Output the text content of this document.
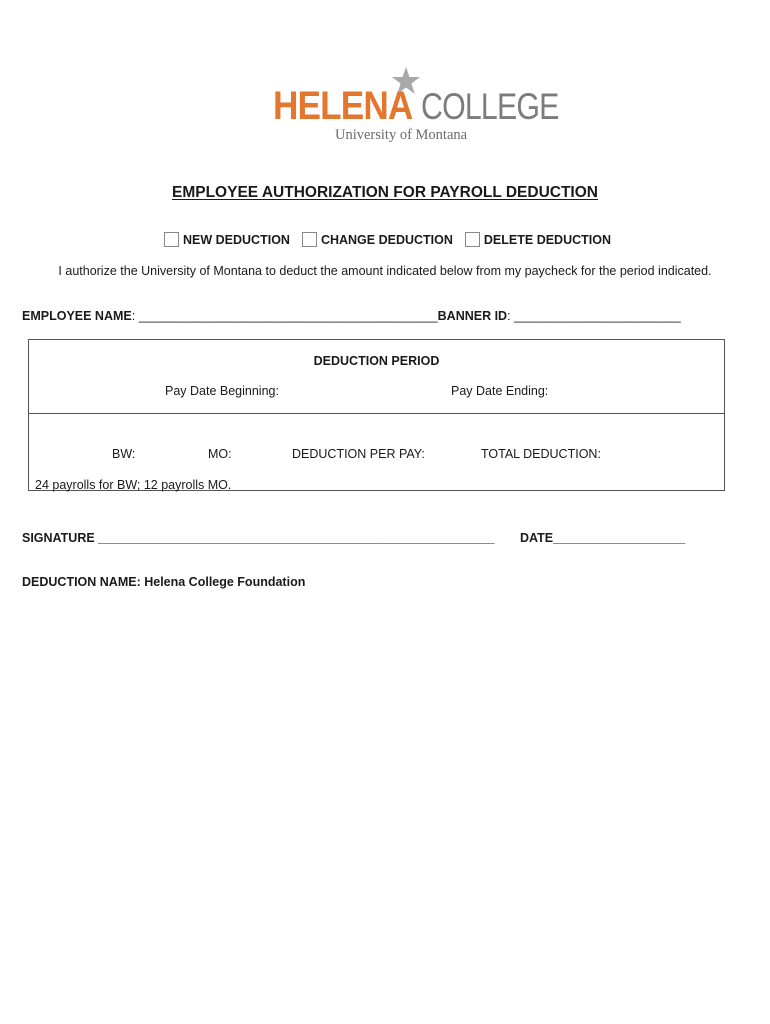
HELENA COLLEGE
University of Montana
EMPLOYEE AUTHORIZATION FOR PAYROLL DEDUCTION
NEW DEDUCTION CHANGE DEDUCTION DELETE DEDUCTION
I authorize the University of Montana to deduct the amount indicated below from my paycheck for the period indicated.
EMPLOYEE NAME: ___________________________________________BANNER ID: ________________________
DEDUCTION PERIOD
Pay Date Beginning:	Pay Date Ending:
BW:	MO:	DEDUCTION PER PAY:	TOTAL DEDUCTION:
24 payrolls for BW; 12 payrolls MO.
SIGNATURE _________________________________________________________ DATE___________________
DEDUCTION NAME: Helena College Foundation
